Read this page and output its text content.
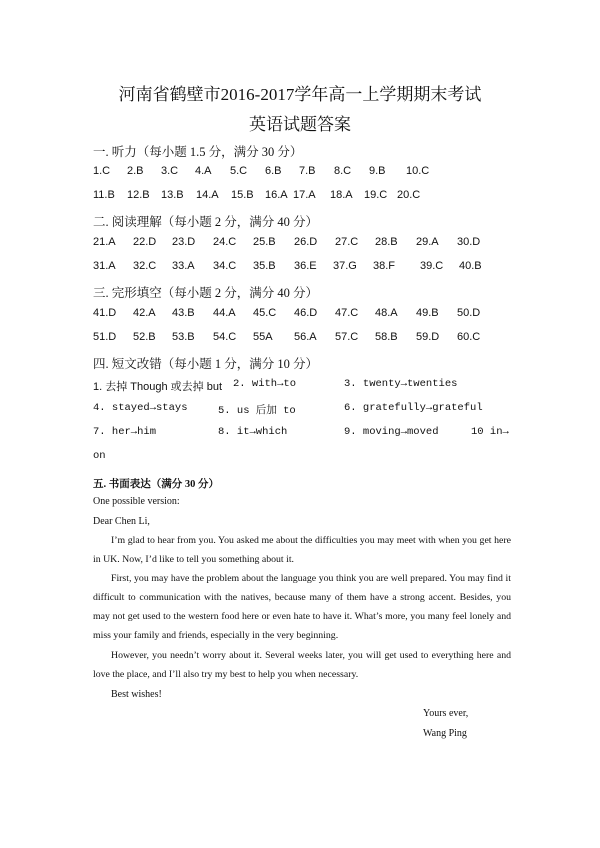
河南省鹤壁市2016-2017学年高一上学期期末考试
英语试题答案
一. 听力（每小题 1.5 分，满分 30 分）
1.C 2.B 3.C 4.A 5.C 6.B 7.B 8.C 9.B 10.C
11.B 12.B 13.B 14.A 15.B 16.A 17.A 18.A 19.C 20.C
二. 阅读理解（每小题 2 分，满分 40 分）
21.A 22.D 23.D 24.C 25.B 26.D 27.C 28.B 29.A 30.D
31.A 32.C 33.A 34.C 35.B 36.E 37.G 38.F 39.C 40.B
三. 完形填空（每小题 2 分，满分 40 分）
41.D 42.A 43.B 44.A 45.C 46.D 47.C 48.A 49.B 50.D
51.D 52.B 53.B 54.C 55A 56.A 57.C 58.B 59.D 60.C
四. 短文改错（每小题 1 分，满分 10 分）
1. 去掉 Though 或去掉 but 2. with→to	3. twenty→twenties
4. stayed→stays	5. us 后加 to	6. gratefully→grateful
7. her→him	8. it→which	9. moving→moved	10 in→
on
五. 书面表达（满分 30 分）
One possible version:
Dear Chen Li,
I’m glad to hear from you. You asked me about the difficulties you may meet with when you get here in UK. Now, I’d like to tell you something about it.
First, you may have the problem about the language you think you are well prepared. You may find it difficult to communication with the natives, because many of them have a strong accent. Besides, you may not get used to the western food here or even hate to have it. What’s more, you many feel lonely and miss your family and friends, especially in the very beginning.
However, you needn’t worry about it. Several weeks later, you will get used to everything here and love the place, and I’ll also try my best to help you when necessary.
Best wishes!
Yours ever,
Wang Ping
